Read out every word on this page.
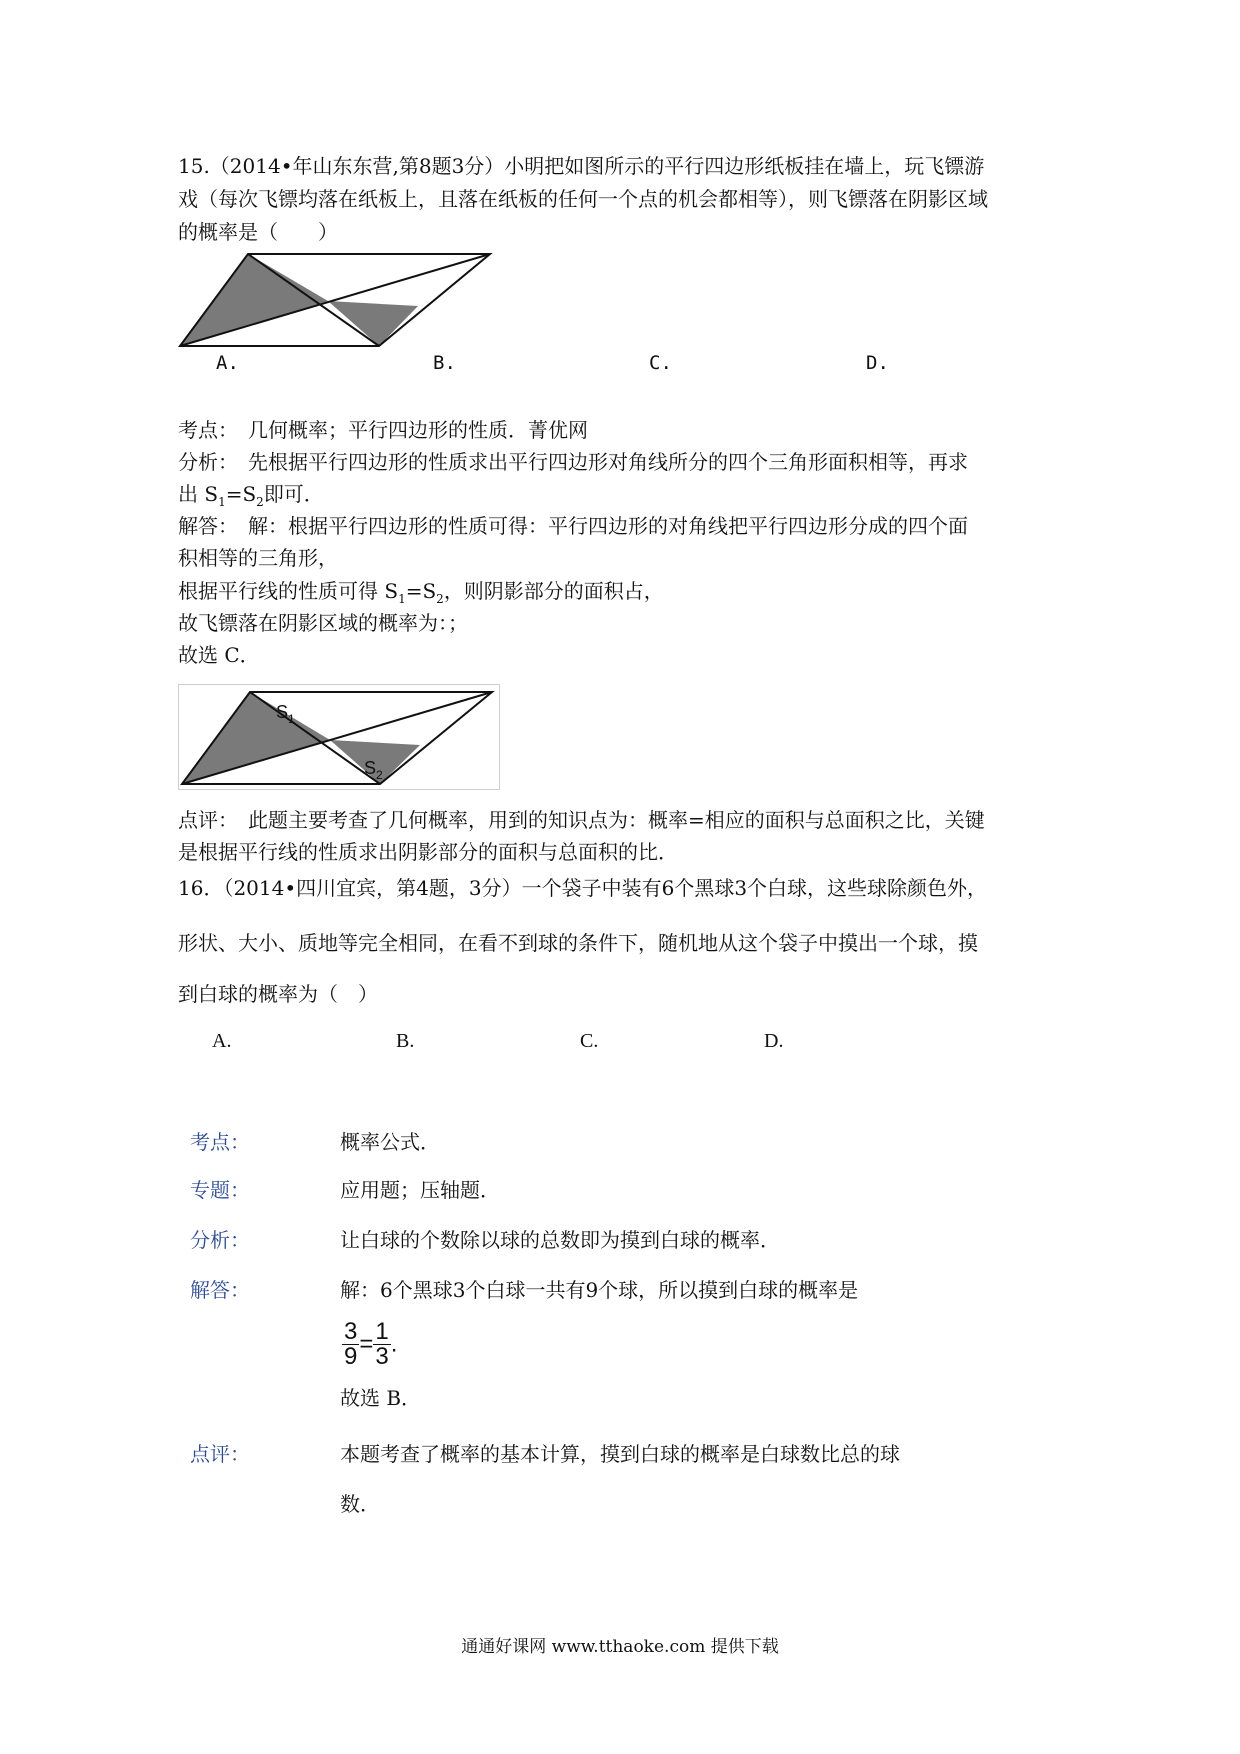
15.（2014•年山东东营,第8题3分）小明把如图所示的平行四边形纸板挂在墙上，玩飞镖游
戏（每次飞镖均落在纸板上，且落在纸板的任何一个点的机会都相等），则飞镖落在阴影区域
的概率是（　　）
A.	B.	C.	D.
考点：　 几何概率；平行四边形的性质．菁优网
分析：　 先根据平行四边形的性质求出平行四边形对角线所分的四个三角形面积相等，再求
出 $S_1=S_2$即可．
解答：　 解：根据平行四边形的性质可得：平行四边形的对角线把平行四边形分成的四个面
积相等的三角形，
根据平行线的性质可得 $S_1=S_2$，则阴影部分的面积占，
故飞镖落在阴影区域的概率为：；
故选 C．
$S_1$
$S_2$
点评：　 此题主要考查了几何概率，用到的知识点为：概率=相应的面积与总面积之比，关键
是根据平行线的性质求出阴影部分的面积与总面积的比．
16．（2014•四川宜宾，第4题，3分）一个袋子中装有6个黑球3个白球，这些球除颜色外，
形状、大小、质地等完全相同，在看不到球的条件下，随机地从这个袋子中摸出一个球，摸
到白球的概率为（　）
A.	B.	C.	D.
考点：	概率公式．
专题：	应用题；压轴题．
分析：	让白球的个数除以球的总数即为摸到白球的概率．
解答：	解：6个黑球3个白球一共有9个球，所以摸到白球的概率是
$\frac{3}{9} = \frac{1}{3}$ .
故选 B．
点评：	本题考查了概率的基本计算，摸到白球的概率是白球数比总的球
数．
通通好课网 www.tthaoke.com 提供下载
